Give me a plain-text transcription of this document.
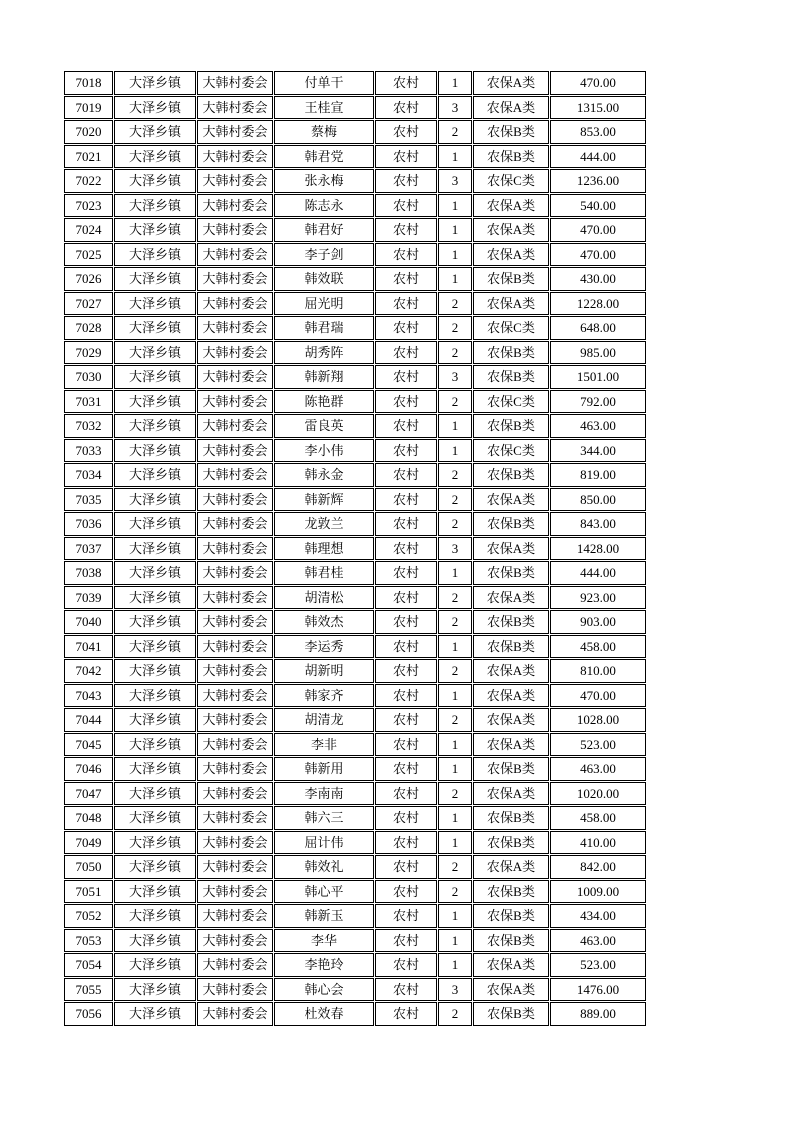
7018	大泽乡镇	大韩村委会	付单干	农村	1	农保A类	470.00
7019	大泽乡镇	大韩村委会	王桂宣	农村	3	农保A类	1315.00
7020	大泽乡镇	大韩村委会	蔡梅	农村	2	农保B类	853.00
7021	大泽乡镇	大韩村委会	韩君党	农村	1	农保B类	444.00
7022	大泽乡镇	大韩村委会	张永梅	农村	3	农保C类	1236.00
7023	大泽乡镇	大韩村委会	陈志永	农村	1	农保A类	540.00
7024	大泽乡镇	大韩村委会	韩君好	农村	1	农保A类	470.00
7025	大泽乡镇	大韩村委会	李子剑	农村	1	农保A类	470.00
7026	大泽乡镇	大韩村委会	韩效联	农村	1	农保B类	430.00
7027	大泽乡镇	大韩村委会	屈光明	农村	2	农保A类	1228.00
7028	大泽乡镇	大韩村委会	韩君瑞	农村	2	农保C类	648.00
7029	大泽乡镇	大韩村委会	胡秀阵	农村	2	农保B类	985.00
7030	大泽乡镇	大韩村委会	韩新翔	农村	3	农保B类	1501.00
7031	大泽乡镇	大韩村委会	陈艳群	农村	2	农保C类	792.00
7032	大泽乡镇	大韩村委会	雷良英	农村	1	农保B类	463.00
7033	大泽乡镇	大韩村委会	李小伟	农村	1	农保C类	344.00
7034	大泽乡镇	大韩村委会	韩永金	农村	2	农保B类	819.00
7035	大泽乡镇	大韩村委会	韩新辉	农村	2	农保A类	850.00
7036	大泽乡镇	大韩村委会	龙敦兰	农村	2	农保B类	843.00
7037	大泽乡镇	大韩村委会	韩理想	农村	3	农保A类	1428.00
7038	大泽乡镇	大韩村委会	韩君桂	农村	1	农保B类	444.00
7039	大泽乡镇	大韩村委会	胡清松	农村	2	农保A类	923.00
7040	大泽乡镇	大韩村委会	韩效杰	农村	2	农保B类	903.00
7041	大泽乡镇	大韩村委会	李运秀	农村	1	农保B类	458.00
7042	大泽乡镇	大韩村委会	胡新明	农村	2	农保A类	810.00
7043	大泽乡镇	大韩村委会	韩家齐	农村	1	农保A类	470.00
7044	大泽乡镇	大韩村委会	胡清龙	农村	2	农保A类	1028.00
7045	大泽乡镇	大韩村委会	李非	农村	1	农保A类	523.00
7046	大泽乡镇	大韩村委会	韩新用	农村	1	农保B类	463.00
7047	大泽乡镇	大韩村委会	李南南	农村	2	农保A类	1020.00
7048	大泽乡镇	大韩村委会	韩六三	农村	1	农保B类	458.00
7049	大泽乡镇	大韩村委会	屈计伟	农村	1	农保B类	410.00
7050	大泽乡镇	大韩村委会	韩效礼	农村	2	农保A类	842.00
7051	大泽乡镇	大韩村委会	韩心平	农村	2	农保B类	1009.00
7052	大泽乡镇	大韩村委会	韩新玉	农村	1	农保B类	434.00
7053	大泽乡镇	大韩村委会	李华	农村	1	农保B类	463.00
7054	大泽乡镇	大韩村委会	李艳玲	农村	1	农保A类	523.00
7055	大泽乡镇	大韩村委会	韩心会	农村	3	农保A类	1476.00
7056	大泽乡镇	大韩村委会	杜效春	农村	2	农保B类	889.00
